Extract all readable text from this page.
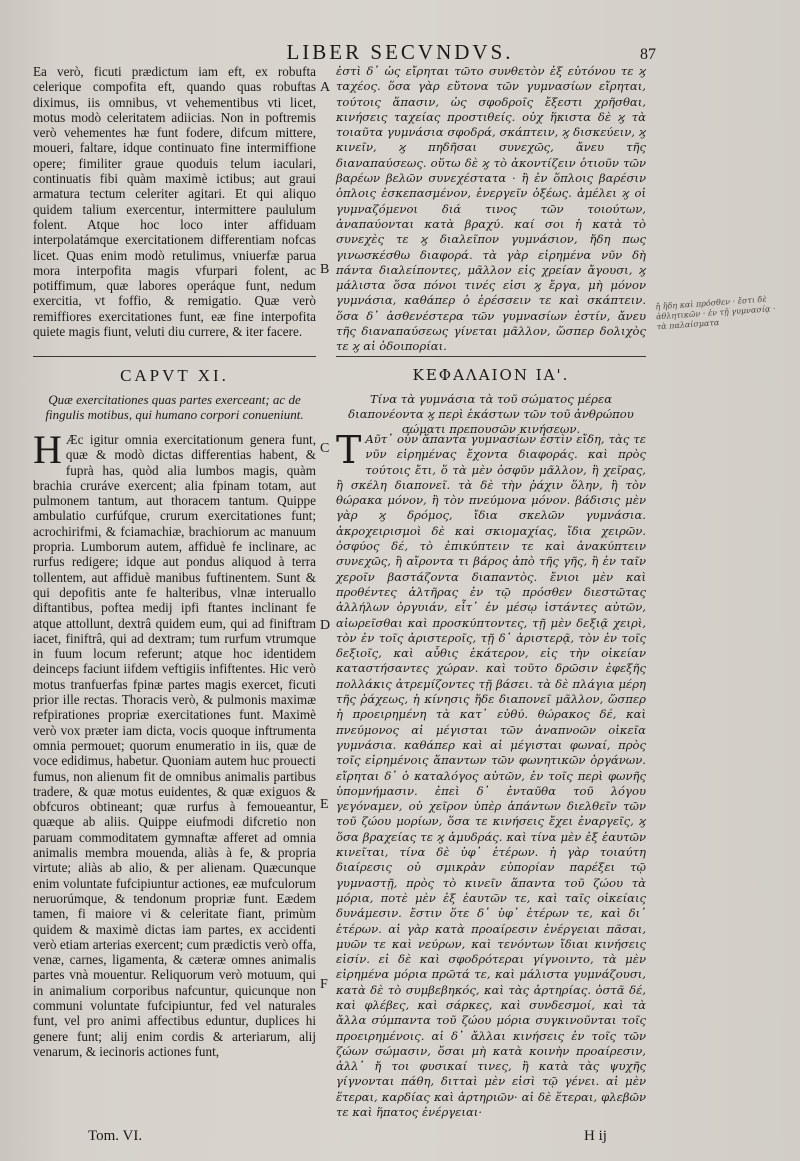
LIBER SECVNDVS.	87
Ea verò, ficuti prædictum iam eft, ex robufta celerique compofita eft, quando quas robuftas diximus, iis omnibus, vt vehementibus vti licet, motus modò celeritatem adiicias. Non in poftremis verò vehementes hæ funt fodere, difcum mittere, moueri, faltare, idque continuato fine intermiffione opere; fimiliter graue quoduis telum iaculari, continuatis fibi quàm maximè ictibus; aut graui armatura tectum celeriter agitari. Et qui aliquo quidem talium exercentur, intermittere paululum folent. Atque hoc loco inter affiduam interpolatámque exercitationem differentiam nofcas licet. Quas enim modò retulimus, vniuerfæ parua mora interpofita magis vfurpari folent, ac potiffimum, quæ labores operáque funt, nedum exercitia, vt foffio, & remigatio. Quæ verò remiffiores exercitationes funt, eæ fine interpofita quiete magis fiunt, veluti diu currere, & iter facere.
ἐστὶ δ᾽ ὡς εἴρηται τῶτο συνθετὸν ἐξ εὐτόνου τε ϗ ταχέος. ὅσα γὰρ εὔτονα τῶν γυμνασίων εἴρηται, τούτοις ἅπασιν, ὡς σφοδροῖς ἔξεστι χρῆσθαι, κινήσεις ταχείας προστιθείς. οὐχ ἥκιστα δὲ ϗ τὰ τοιαῦτα γυμνάσια σφοδρά, σκάπτειν, ϗ δισκεύειν, ϗ κινεῖν, ϗ πηδῆσαι συνεχῶς, ἄνευ τῆς διαναπαύσεως. οὕτω δὲ ϗ τὸ ἀκοντίζειν ὁτιοῦν τῶν βαρέων βελῶν συνεχέστατα · ἢ ἐν ὅπλοις βαρέσιν ὁπλοις ἐσκεπασμένον, ἐνεργεῖν ὀξέως. ἀμέλει ϗ οἱ γυμναζόμενοι διά τινος τῶν τοιούτων, ἀναπαύονται κατὰ βραχύ. καί σοι ἡ κατὰ τὸ συνεχὲς τε ϗ διαλεῖπον γυμνάσιον, ἤδη πως γινωσκέσθω διαφορά. τὰ γὰρ εἰρημένα νῦν δὴ πάντα διαλείποντες, μᾶλλον εἰς χρείαν ἄγουσι, ϗ μάλιστα ὅσα πόνοι τινές εἰσι ϗ ἔργα, μὴ μόνον γυμνάσια, καθάπερ ὁ ἐρέσσειν τε καὶ σκάπτειν. ὅσα δ᾽ ἀσθενέστερα τῶν γυμνασίων ἐστίν, ἄνευ τῆς διαναπαύσεως γίνεται μᾶλλον, ὥσπερ δολιχὸς τε ϗ αἱ ὁδοιπορίαι.
CAPVT XI.	ΚΕΦΑΛΑΙΟΝ ΙΑ'.
Quæ exercitationes quas partes exerceant; ac de fingulis motibus, qui humano corpori conueniunt.
Τίνα τὰ γυμνάσια τὰ τοῦ σώματος μέρεα διαπονέοντα ϗ περὶ ἑκάστων τῶν τοῦ ἀνθρώπου σώματι πρεπουσῶν κινήσεων.
H Æc igitur omnia exercitationum genera funt, quæ & modò dictas differentias habent, & fuprà has, quòd alia lumbos magis, quàm brachia cruráve exercent; alia fpinam totam, aut pulmonem tantum, aut thoracem tantum. Quippe ambulatio curfúfque, crurum exercitationes funt; acrochirifmi, & fciamachiæ, brachiorum ac manuum propria. Lumborum autem, affiduè fe inclinare, ac rurfus redigere; idque aut pondus aliquod à terra tollentem, aut affiduè manibus fuftinentem. Sunt & qui depofitis ante fe halteribus, vlnæ interuallo diftantibus, poftea medij ipfi ftantes inclinant fe atque attollunt, dextrâ quidem eum, qui ad finiftram iacet, finiftrâ, qui ad dextram; tum rurfum vtrumque in fuum locum referunt; atque hoc identidem deinceps faciunt iifdem veftigiis infiftentes. Hic verò motus tranfuerfas fpinæ partes magis exercet, ficuti prior ille rectas. Thoracis verò, & pulmonis maximæ refpirationes propriæ exercitationes funt. Maximè verò vox præter iam dicta, vocis quoque inftrumenta omnia permouet; quorum enumeratio in iis, quæ de voce edidimus, habetur. Quoniam autem huc prouecti fumus, non alienum fit de omnibus animalis partibus tradere, & quæ motus euidentes, & quæ exiguos & obfcuros obtineant; quæ rurfus à femoueantur, quæque ab aliis. Quippe eiufmodi difcretio non paruam commoditatem gymnaftæ afferet ad omnia animalis membra mouenda, aliàs à fe, & propria virtute; aliàs ab alio, & per alienam. Quæcunque enim voluntate fufcipiuntur actiones, eæ mufculorum neruorúmque, & tendonum propriæ funt. Eædem tamen, fi maiore vi & celeritate fiant, primùm quidem & maximè dictas iam partes, ex accidenti verò etiam arterias exercent; cum prædictis verò offa, venæ, carnes, ligamenta, & cæteræ omnes animalis partes vnà mouentur. Reliquorum verò motuum, qui in animalium corporibus nafcuntur, quicunque non communi voluntate fufcipiuntur, fed vel naturales funt, vel pro animi affectibus eduntur, duplices hi genere funt; alij enim cordis & arteriarum, alij venarum, & iecinoris actiones funt,
Τ Αῦτ᾽ οὖν ἅπαντα γυμνασίων ἐστὶν εἴδη, τὰς τε νῦν εἰρημένας ἔχοντα διαφοράς. καὶ πρὸς τούτοις ἔτι, ὅ τὰ μὲν ὀσφῦν μᾶλλον, ἢ χεῖρας, ἢ σκέλη διαπονεῖ. τὰ δὲ τὴν ῥάχιν ὅλην, ἢ τὸν θώρακα μόνον, ἢ τὸν πνεύμονα μόνον. βάδισις μὲν γὰρ ϗ δρόμος, ἴδια σκελῶν γυμνάσια. ἀκροχειρισμοὶ δὲ καὶ σκιομαχίας, ἴδια χειρῶν. ὀσφύος δέ, τὸ ἐπικύπτειν τε καὶ ἀνακύπτειν συνεχῶς, ἢ αἴροντα τι βάρος ἀπὸ τῆς γῆς, ἢ ἐν ταῖν χεροῖν βαστάζοντα διαπαντὸς. ἔνιοι μὲν καὶ προθέντες ἁλτῆρας ἐν τῷ πρόσθεν διεστῶτας ἀλλήλων ὀργυιάν, εἶτ᾽ ἐν μέσῳ ἱστάντες αὐτῶν, αἰωρεῖσθαι καὶ προσκύπτοντες, τῇ μὲν δεξιᾷ χειρὶ, τὸν ἐν τοῖς ἀριστεροῖς, τῇ δ᾽ ἀριστερᾷ, τὸν ἐν τοῖς δεξιοῖς, καὶ αὖθις ἑκάτερον, εἰς τὴν οἰκείαν καταστήσαντες χώραν. καὶ τοῦτο δρῶσιν ἐφεξῆς πολλάκις ἀτρεμίζοντες τῇ βάσει. τὰ δὲ πλάγια μέρη τῆς ῥάχεως, ἡ κίνησις ἥδε διαπονεῖ μᾶλλον, ὥσπερ ἡ προειρημένη τὰ κατ᾽ εὐθύ. θώρακος δέ, καὶ πνεύμονος αἱ μέγισται τῶν ἀναπνοῶν οἰκεῖα γυμνάσια. καθάπερ καὶ αἱ μέγισται φωναί, πρὸς τοῖς εἰρημένοις ἅπαντων τῶν φωνητικῶν ὀργάνων. εἴρηται δ᾽ ὁ καταλόγος αὐτῶν, ἐν τοῖς περὶ φωνῆς ὑπομνήμασιν. ἐπεὶ δ᾽ ἐνταῦθα τοῦ λόγου γεγόναμεν, οὐ χεῖρον ὑπὲρ ἁπάντων διελθεῖν τῶν τοῦ ζώου μορίων, ὅσα τε κινήσεις ἔχει ἐναργεῖς, ϗ ὅσα βραχείας τε ϗ ἀμυδράς. καὶ τίνα μὲν ἐξ ἑαυτῶν κινεῖται, τίνα δὲ ὑφ᾽ ἑτέρων. ἡ γὰρ τοιαύτη διαίρεσις οὐ σμικρὰν εὐπορίαν παρέξει τῷ γυμναστῇ, πρὸς τὸ κινεῖν ἅπαντα τοῦ ζώου τὰ μόρια, ποτὲ μὲν ἐξ ἑαυτῶν τε, καὶ ταῖς οἰκείαις δυνάμεσιν. ἔστιν ὅτε δ᾽ ὑφ᾽ ἑτέρων τε, καὶ δι᾽ ἑτέρων. αἱ γὰρ κατὰ προαίρεσιν ἐνέργειαι πᾶσαι, μυῶν τε καὶ νεύρων, καὶ τενόντων ἴδιαι κινήσεις εἰσίν. εἰ δὲ καὶ σφοδρότεραι γίγνοιντο, τὰ μὲν εἰρημένα μόρια πρῶτά τε, καὶ μάλιστα γυμνάζουσι, κατὰ δὲ τὸ συμβεβηκός, καὶ τὰς ἀρτηρίας. ὀστᾶ δέ, καὶ φλέβες, καὶ σάρκες, καὶ συνδεσμοί, καὶ τὰ ἄλλα σύμπαντα τοῦ ζώου μόρια συγκινοῦνται τοῖς προειρημένοις. αἱ δ᾽ ἄλλαι κινήσεις ἐν τοῖς τῶν ζώων σώμασιν, ὅσαι μὴ κατὰ κοινὴν προαίρεσιν, ἀλλ᾽ ἤ τοι φυσικαί τινες, ἢ κατὰ τὰς ψυχῆς γίγνονται πάθη, διτταὶ μὲν εἰσὶ τῷ γένει. αἱ μὲν ἕτεραι, καρδίας καὶ ἀρτηριῶν· αἱ δὲ ἕτεραι, φλεβῶν τε καὶ ἥπατος ἐνέργειαι·
A
B
C
D
E
F
ἤ ἥδη καὶ πρόσθεν · ἔστι δὲ ἀθλητικῶν · ἐν τῇ γυμνασίᾳ · τὰ παλαίσματα
Tom. VI.	H ij
